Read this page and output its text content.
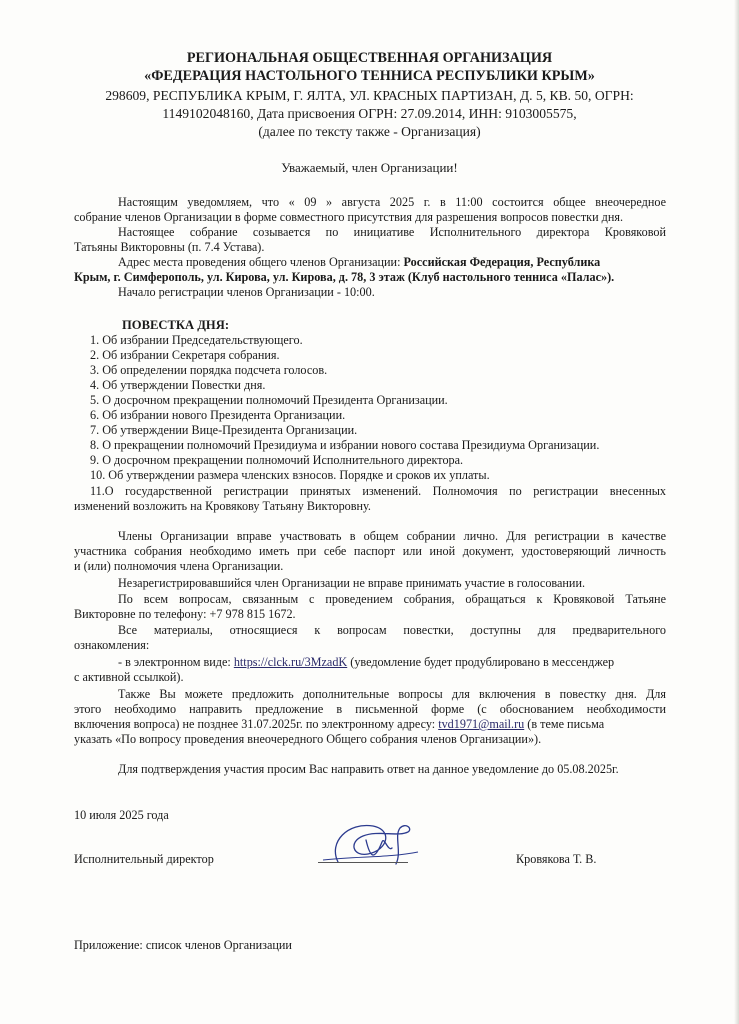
РЕГИОНАЛЬНАЯ ОБЩЕСТВЕННАЯ ОРГАНИЗАЦИЯ
«ФЕДЕРАЦИЯ НАСТОЛЬНОГО ТЕННИСА РЕСПУБЛИКИ КРЫМ»
298609, РЕСПУБЛИКА КРЫМ, Г. ЯЛТА, УЛ. КРАСНЫХ ПАРТИЗАН, Д. 5, КВ. 50, ОГРН:
1149102048160, Дата присвоения ОГРН: 27.09.2014, ИНН: 9103005575,
(далее по тексту также - Организация)
Уважаемый, член Организации!
Настоящим уведомляем, что « 09 » августа 2025 г. в 11:00 состоится общее внеочередное
собрание членов Организации в форме совместного присутствия для разрешения вопросов повестки дня.
Настоящее собрание созывается по инициативе Исполнительного директора Кровяковой
Татьяны Викторовны (п. 7.4 Устава).
Адрес места проведения общего членов Организации: Российская Федерация, Республика
Крым, г. Симферополь, ул. Кирова, ул. Кирова, д. 78, 3 этаж (Клуб настольного тенниса «Палас»).
Начало регистрации членов Организации - 10:00.
ПОВЕСТКА ДНЯ:
1. Об избрании Председательствующего.
2. Об избрании Секретаря собрания.
3. Об определении порядка подсчета голосов.
4. Об утверждении Повестки дня.
5. О досрочном прекращении полномочий Президента Организации.
6. Об избрании нового Президента Организации.
7. Об утверждении Вице-Президента Организации.
8. О прекращении полномочий Президиума и избрании нового состава Президиума Организации.
9. О досрочном прекращении полномочий Исполнительного директора.
10. Об утверждении размера членских взносов. Порядке и сроков их уплаты.
11.О государственной регистрации принятых изменений. Полномочия по регистрации внесенных
изменений возложить на Кровякову Татьяну Викторовну.
Члены Организации вправе участвовать в общем собрании лично. Для регистрации в качестве
участника собрания необходимо иметь при себе паспорт или иной документ, удостоверяющий личность
и (или) полномочия члена Организации.
Незарегистрировавшийся член Организации не вправе принимать участие в голосовании.
По всем вопросам, связанным с проведением собрания, обращаться к Кровяковой Татьяне
Викторовне по телефону: +7 978 815 1672.
Все материалы, относящиеся к вопросам повестки, доступны для предварительного
ознакомления:
- в электронном виде: https://clck.ru/3MzadK (уведомление будет продублировано в мессенджер
с активной ссылкой).
Также Вы можете предложить дополнительные вопросы для включения в повестку дня. Для
этого необходимо направить предложение в письменной форме (с обоснованием необходимости
включения вопроса) не позднее 31.07.2025г. по электронному адресу: tvd1971@mail.ru (в теме письма
указать «По вопросу проведения внеочередного Общего собрания членов Организации»).
Для подтверждения участия просим Вас направить ответ на данное уведомление до 05.08.2025г.
10 июля 2025 года
Исполнительный директор	Кровякова Т. В.
Приложение: список членов Организации
